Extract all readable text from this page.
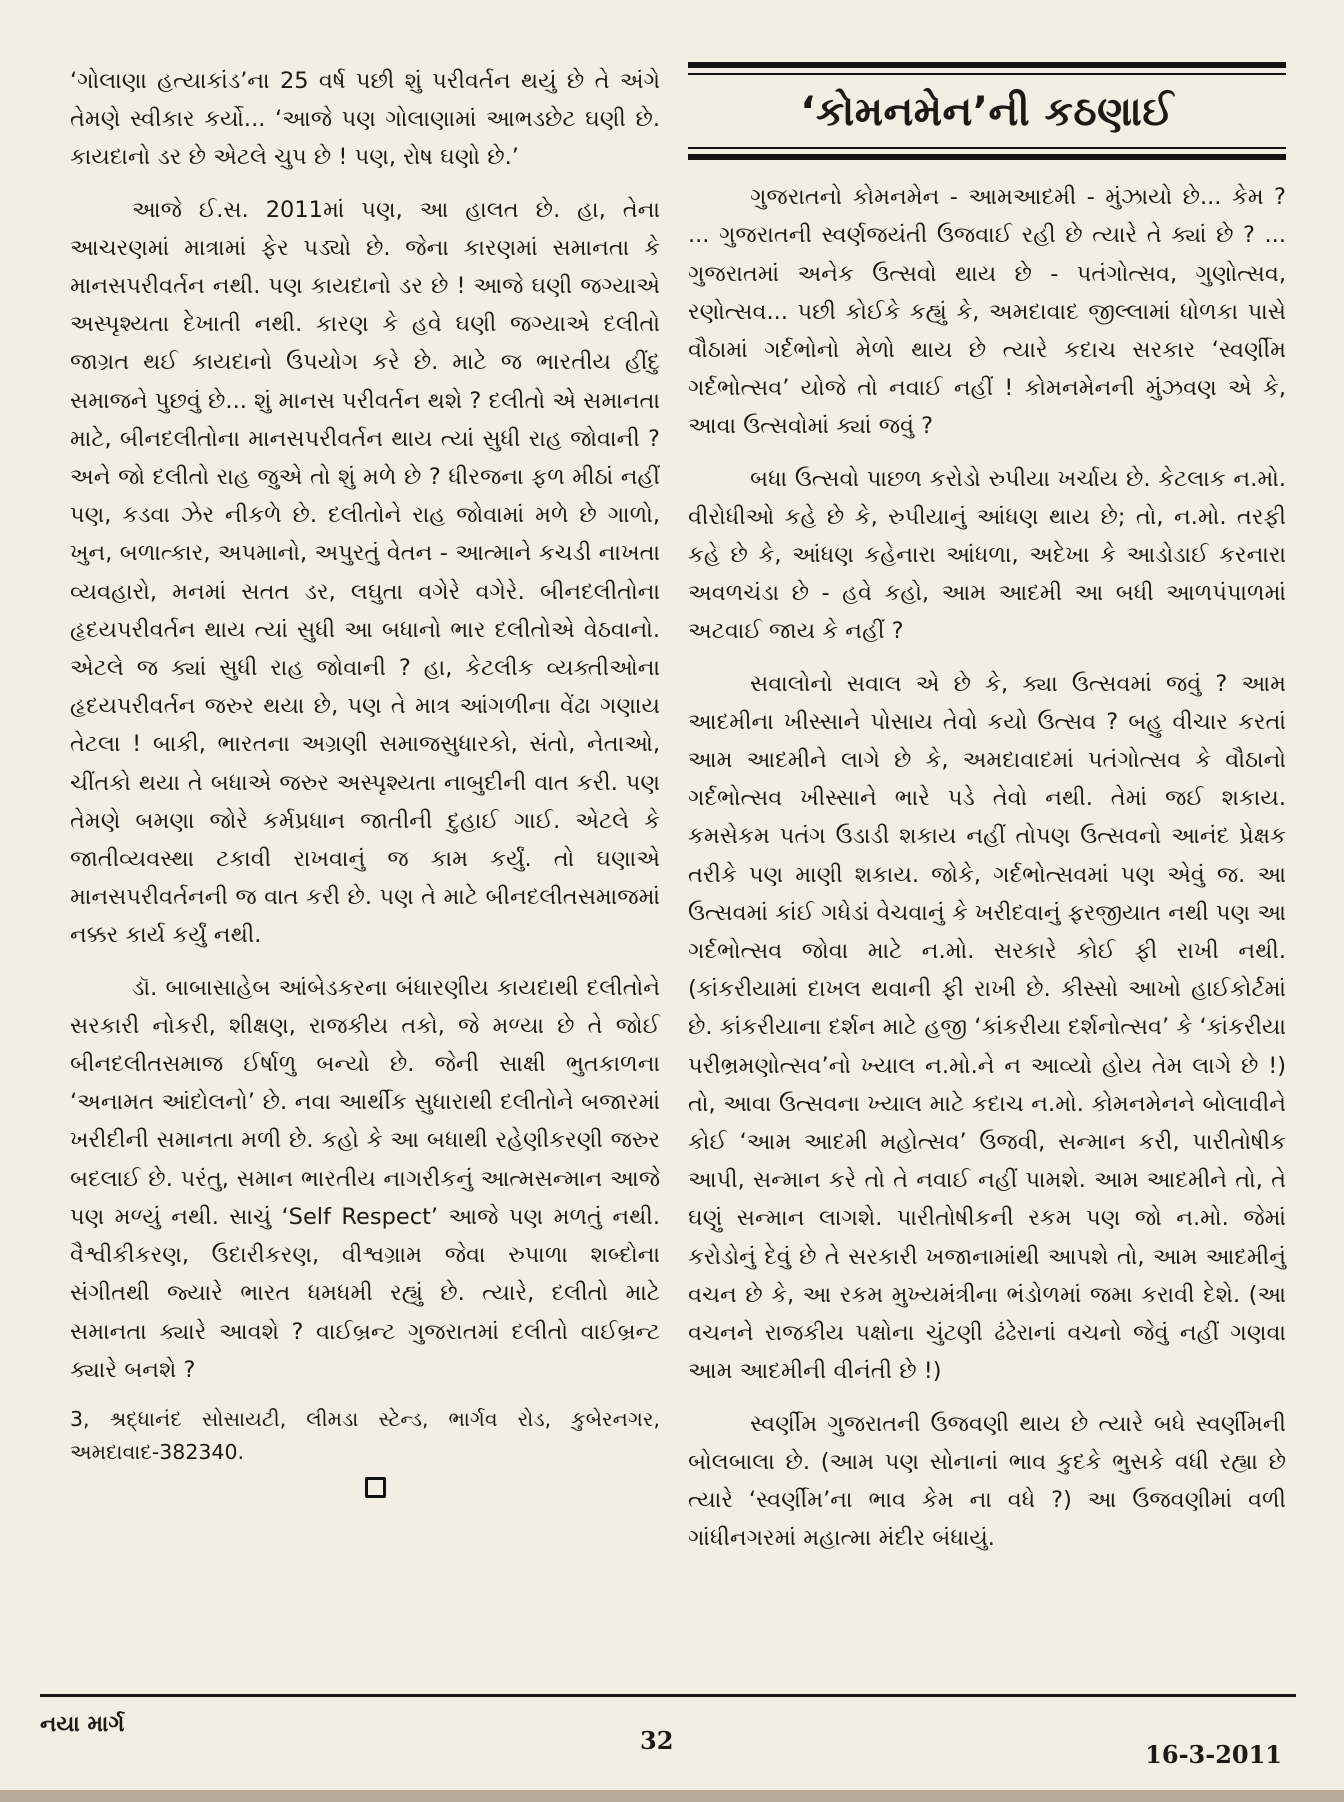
‘ગોલાણા હત્યાકાંડ’ના 25 વર્ષ પછી શું પરીવર્તન થયું છે તે અંગે તેમણે સ્વીકાર કર્યો... ‘આજે પણ ગોલાણામાં આભડછેટ ઘણી છે. કાયદાનો ડર છે એટલે ચુપ છે ! પણ, રોષ ઘણો છે.’

આજે ઈ.સ. 2011માં પણ, આ હાલત છે. હા, તેના આચરણમાં માત્રામાં ફેર પડ્યો છે. જેના કારણમાં સમાનતા કે માનસપરીવર્તન નથી. પણ કાયદાનો ડર છે ! આજે ઘણી જગ્યાએ અસ્પૃશ્યતા દેખાતી નથી. કારણ કે હવે ઘણી જગ્યાએ દલીતો જાગ્રત થઈ કાયદાનો ઉપયોગ કરે છે. માટે જ ભારતીય હીંદુ સમાજને પુછવું છે... શું માનસ પરીવર્તન થશે ? દલીતો એ સમાનતા માટે, બીનદલીતોના માનસપરીવર્તન થાય ત્યાં સુધી રાહ જોવાની ? અને જો દલીતો રાહ જુએ તો શું મળે છે ? ધીરજના ફળ મીઠાં નહીં પણ, કડવા ઝેર નીકળે છે. દલીતોને રાહ જોવામાં મળે છે ગાળો, ખુન, બળાત્કાર, અપમાનો, અપુરતું વેતન - આત્માને કચડી નાખતા વ્યવહારો, મનમાં સતત ડર, લઘુતા વગેરે વગેરે. બીનદલીતોના હૃદયપરીવર્તન થાય ત્યાં સુધી આ બધાનો ભાર દલીતોએ વેઠવાનો. એટલે જ ક્યાં સુધી રાહ જોવાની ? હા, કેટલીક વ્યક્તીઓના હૃદયપરીવર્તન જરુર થયા છે, પણ તે માત્ર આંગળીના વેંઢા ગણાય તેટલા ! બાકી, ભારતના અગ્રણી સમાજસુધારકો, સંતો, નેતાઓ, ચીંતકો થયા તે બધાએ જરુર અસ્પૃશ્યતા નાબુદીની વાત કરી. પણ તેમણે બમણા જોરે કર્મપ્રધાન જાતીની દુહાઈ ગાઈ. એટલે કે જાતીવ્યવસ્થા ટકાવી રાખવાનું જ કામ કર્યું. તો ઘણાએ માનસપરીવર્તનની જ વાત કરી છે. પણ તે માટે બીનદલીતસમાજમાં નક્કર કાર્ય કર્યું નથી.

ડૉ. બાબાસાહેબ આંબેડકરના બંધારણીય કાયદાથી દલીતોને સરકારી નોકરી, શીક્ષણ, રાજકીય તકો, જે મળ્યા છે તે જોઈ બીનદલીતસમાજ ઈર્ષાળુ બન્યો છે. જેની સાક્ષી ભુતકાળના ‘અનામત આંદોલનો’ છે. નવા આર્થીક સુધારાથી દલીતોને બજારમાં ખરીદીની સમાનતા મળી છે. કહો કે આ બધાથી રહેણીકરણી જરુર બદલાઈ છે. પરંતુ, સમાન ભારતીય નાગરીકનું આત્મસન્માન આજે પણ મળ્યું નથી. સાચું ‘Self Respect’ આજે પણ મળતું નથી. વૈશ્વીકીકરણ, ઉદારીકરણ, વીશ્વગ્રામ જેવા રુપાળા શબ્દોના સંગીતથી જ્યારે ભારત ધમધમી રહ્યું છે. ત્યારે, દલીતો માટે સમાનતા ક્યારે આવશે ? વાઈબ્રન્ટ ગુજરાતમાં દલીતો વાઈબ્રન્ટ ક્યારે બનશે ?

3, શ્રદ્ધાનંદ સોસાયટી, લીમડા સ્ટેન્ડ, ભાર્ગવ રોડ, કુબેરનગર, અમદાવાદ-382340.
‘કોમનમેન’ની કઠણાઈ

ગુજરાતનો કોમનમેન - આમઆદમી - મુંઝાયો છે... કેમ ? ... ગુજરાતની સ્વર્ણજયંતી ઉજવાઈ રહી છે ત્યારે તે ક્યાં છે ? ... ગુજરાતમાં અનેક ઉત્સવો થાય છે - પતંગોત્સવ, ગુણોત્સવ, રણોત્સવ... પછી કોઈકે કહ્યું કે, અમદાવાદ જીલ્લામાં ધોળકા પાસે વૌઠામાં ગર્દભોનો મેળો થાય છે ત્યારે કદાચ સરકાર ‘સ્વર્ણીમ ગર્દભોત્સવ’ યોજે તો નવાઈ નહીં ! કોમનમેનની મુંઝવણ એ કે, આવા ઉત્સવોમાં ક્યાં જવું ?

બધા ઉત્સવો પાછળ કરોડો રુપીયા ખર્ચાય છે. કેટલાક ન.મો. વીરોધીઓ કહે છે કે, રુપીયાનું આંધણ થાય છે; તો, ન.મો. તરફી કહે છે કે, આંધણ કહેનારા આંધળા, અદેખા કે આડોડાઈ કરનારા અવળચંડા છે - હવે કહો, આમ આદમી આ બધી આળપંપાળમાં અટવાઈ જાય કે નહીં ?

સવાલોનો સવાલ એ છે કે, ક્યા ઉત્સવમાં જવું ? આમ આદમીના ખીસ્સાને પોસાય તેવો કયો ઉત્સવ ? બહુ વીચાર કરતાં આમ આદમીને લાગે છે કે, અમદાવાદમાં પતંગોત્સવ કે વૌઠાનો ગર્દભોત્સવ ખીસ્સાને ભારે પડે તેવો નથી. તેમાં જઈ શકાય. કમસેકમ પતંગ ઉડાડી શકાય નહીં તોપણ ઉત્સવનો આનંદ પ્રેક્ષક તરીકે પણ માણી શકાય. જોકે, ગર્દભોત્સવમાં પણ એવું જ. આ ઉત્સવમાં કાંઈ ગધેડાં વેચવાનું કે ખરીદવાનું ફરજીયાત નથી પણ આ ગર્દભોત્સવ જોવા માટે ન.મો. સરકારે કોઈ ફી રાખી નથી. (કાંકરીયામાં દાખલ થવાની ફી રાખી છે. કીસ્સો આખો હાઈકોર્ટમાં છે. કાંકરીયાના દર્શન માટે હજી ‘કાંકરીયા દર્શનોત્સવ’ કે ‘કાંકરીયા પરીભ્રમણોત્સવ’નો ખ્યાલ ન.મો.ને ન આવ્યો હોય તેમ લાગે છે !) તો, આવા ઉત્સવના ખ્યાલ માટે કદાચ ન.મો. કોમનમેનને બોલાવીને કોઈ ‘આમ આદમી મહોત્સવ’ ઉજવી, સન્માન કરી, પારીતોષીક આપી, સન્માન કરે તો તે નવાઈ નહીં પામશે. આમ આદમીને તો, તે ઘણું સન્માન લાગશે. પારીતોષીકની રકમ પણ જો ન.મો. જેમાં કરોડોનું દેવું છે તે સરકારી ખજાનામાંથી આપશે તો, આમ આદમીનું વચન છે કે, આ રકમ મુખ્યમંત્રીના ભંડોળમાં જમા કરાવી દેશે. (આ વચનને રાજકીય પક્ષોના ચુંટણી ઢંઢેરાનાં વચનો જેવું નહીં ગણવા આમ આદમીની વીનંતી છે !)

સ્વર્ણીમ ગુજરાતની ઉજવણી થાય છે ત્યારે બધે સ્વર્ણીમની બોલબાલા છે. (આમ પણ સોનાનાં ભાવ કુદકે ભુસકે વધી રહ્યા છે ત્યારે ‘સ્વર્ણીમ’ના ભાવ કેમ ના વધે ?) આ ઉજવણીમાં વળી ગાંધીનગરમાં મહાત્મા મંદીર બંધાયું.

નયા માર્ગ
32	16-3-2011
